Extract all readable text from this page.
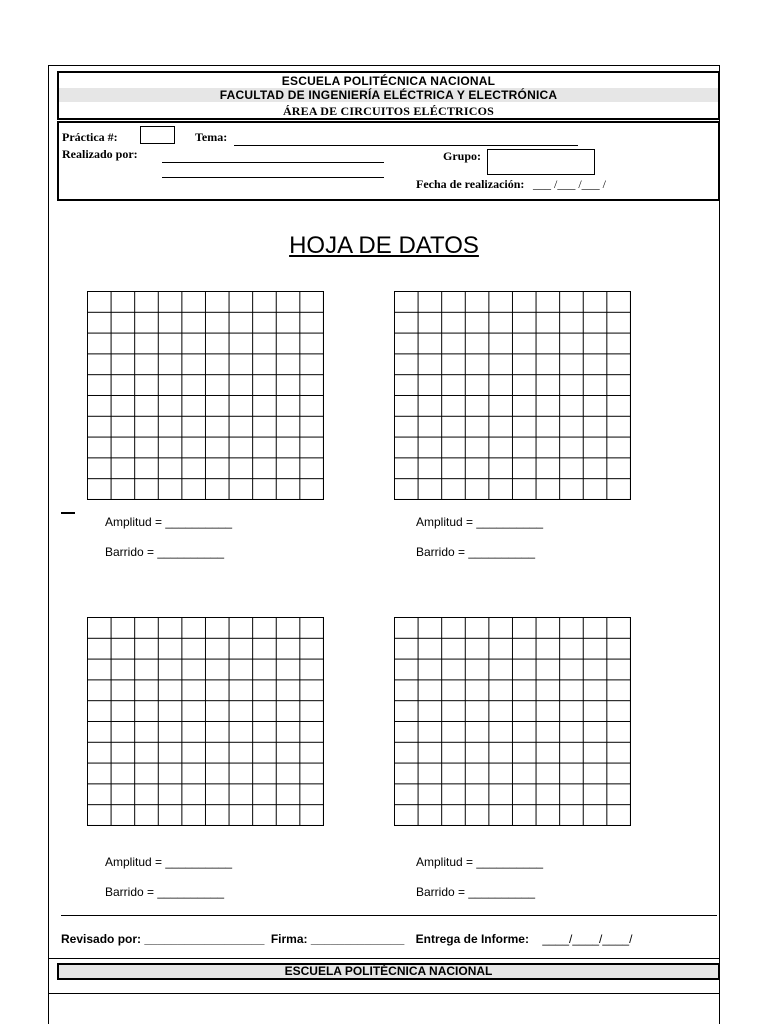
ESCUELA POLITÉCNICA NACIONAL
FACULTAD DE INGENIERÍA ELÉCTRICA Y ELECTRÓNICA
ÁREA DE CIRCUITOS ELÉCTRICOS
Práctica #:	Tema:
Realizado por:	Grupo:
Fecha de realización: ___ /___ /___ /
HOJA DE DATOS
Amplitud = __________
Barrido = __________
Amplitud = __________
Barrido = __________
Amplitud = __________
Barrido = __________
Amplitud = __________
Barrido = __________
Revisado por: __________________ Firma: ______________ Entrega de Informe: ____/____/____/
ESCUELA POLITÉCNICA NACIONAL
